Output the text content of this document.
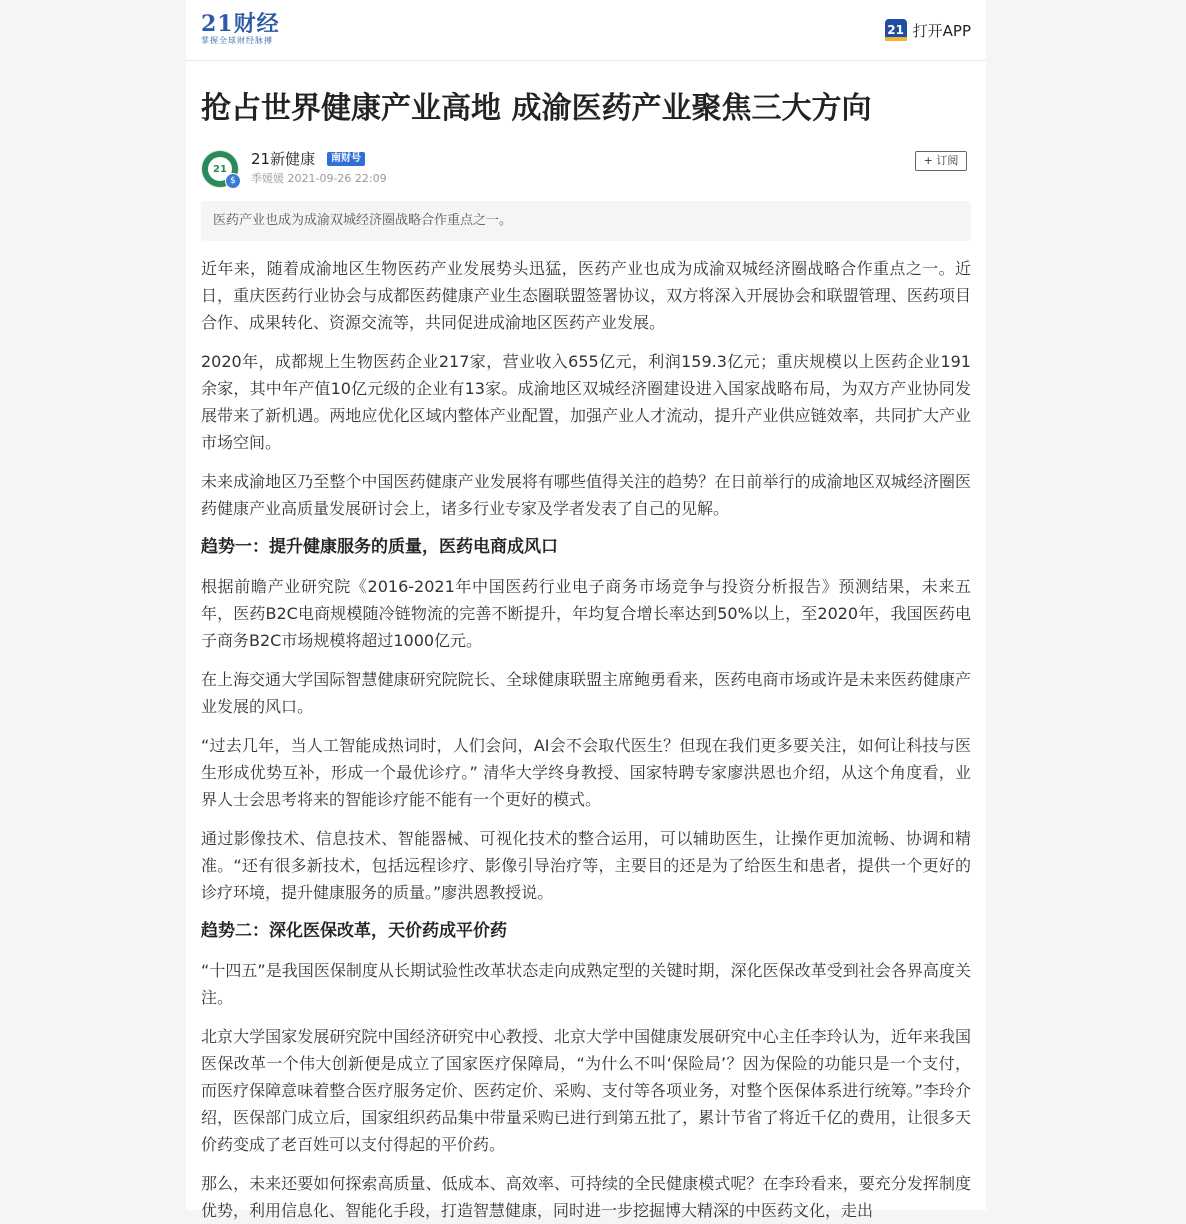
21财经
掌握全球财经脉搏
21 打开APP
抢占世界健康产业高地 成渝医药产业聚焦三大方向
21
$
21新健康	南财号
季媛媛 2021-09-26 22:09
+ 订阅
医药产业也成为成渝双城经济圈战略合作重点之一。

近年来，随着成渝地区生物医药产业发展势头迅猛，医药产业也成为成渝双城经济圈战略合作重点之一。近日，重庆医药行业协会与成都医药健康产业生态圈联盟签署协议，双方将深入开展协会和联盟管理、医药项目合作、成果转化、资源交流等，共同促进成渝地区医药产业发展。

2020年，成都规上生物医药企业217家，营业收入655亿元，利润159.3亿元；重庆规模以上医药企业191余家，其中年产值10亿元级的企业有13家。成渝地区双城经济圈建设进入国家战略布局，为双方产业协同发展带来了新机遇。两地应优化区域内整体产业配置，加强产业人才流动，提升产业供应链效率，共同扩大产业市场空间。

未来成渝地区乃至整个中国医药健康产业发展将有哪些值得关注的趋势？在日前举行的成渝地区双城经济圈医药健康产业高质量发展研讨会上，诸多行业专家及学者发表了自己的见解。

趋势一：提升健康服务的质量，医药电商成风口

根据前瞻产业研究院《2016-2021年中国医药行业电子商务市场竞争与投资分析报告》预测结果，未来五年，医药B2C电商规模随冷链物流的完善不断提升，年均复合增长率达到50%以上，至2020年，我国医药电子商务B2C市场规模将超过1000亿元。

在上海交通大学国际智慧健康研究院院长、全球健康联盟主席鲍勇看来，医药电商市场或许是未来医药健康产业发展的风口。

“过去几年，当人工智能成热词时，人们会问，AI会不会取代医生？但现在我们更多要关注，如何让科技与医生形成优势互补，形成一个最优诊疗。” 清华大学终身教授、国家特聘专家廖洪恩也介绍，从这个角度看，业界人士会思考将来的智能诊疗能不能有一个更好的模式。

通过影像技术、信息技术、智能器械、可视化技术的整合运用，可以辅助医生，让操作更加流畅、协调和精准。“还有很多新技术，包括远程诊疗、影像引导治疗等，主要目的还是为了给医生和患者，提供一个更好的诊疗环境，提升健康服务的质量。”廖洪恩教授说。

趋势二：深化医保改革，天价药成平价药

“十四五”是我国医保制度从长期试验性改革状态走向成熟定型的关键时期，深化医保改革受到社会各界高度关注。

北京大学国家发展研究院中国经济研究中心教授、北京大学中国健康发展研究中心主任李玲认为，近年来我国医保改革一个伟大创新便是成立了国家医疗保障局，“为什么不叫‘保险局’？因为保险的功能只是一个支付，而医疗保障意味着整合医疗服务定价、医药定价、采购、支付等各项业务，对整个医保体系进行统筹。”李玲介绍，医保部门成立后，国家组织药品集中带量采购已进行到第五批了，累计节省了将近千亿的费用，让很多天价药变成了老百姓可以支付得起的平价药。

那么，未来还要如何探索高质量、低成本、高效率、可持续的全民健康模式呢？在李玲看来，要充分发挥制度优势，利用信息化、智能化手段，打造智慧健康，同时进一步挖掘博大精深的中医药文化，走出
